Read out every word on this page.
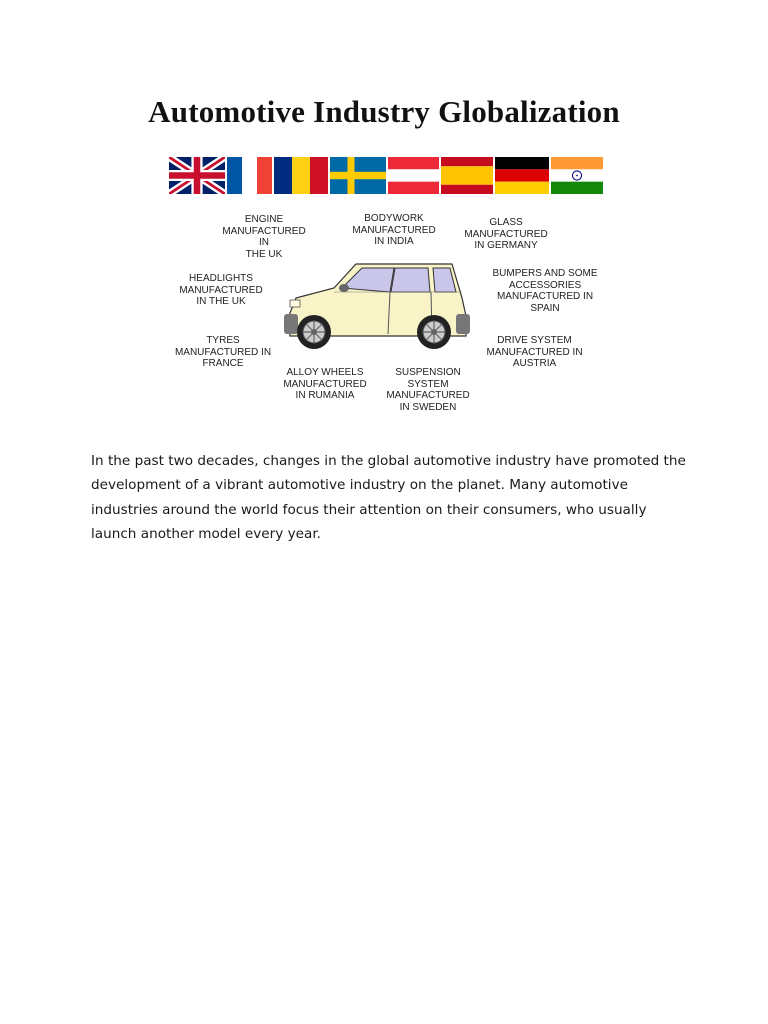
Automotive Industry Globalization
ENGINE
MANUFACTURED
IN
THE UK
BODYWORK
MANUFACTURED
IN INDIA
GLASS
MANUFACTURED
IN GERMANY
HEADLIGHTS
MANUFACTURED
IN THE UK
BUMPERS AND SOME
ACCESSORIES
MANUFACTURED IN
SPAIN
TYRES
MANUFACTURED IN
FRANCE
DRIVE SYSTEM
MANUFACTURED IN
AUSTRIA
ALLOY WHEELS
MANUFACTURED
IN RUMANIA
SUSPENSION
SYSTEM
MANUFACTURED
IN SWEDEN
In the past two decades, changes in the global automotive industry have promoted the development of a vibrant automotive industry on the planet. Many automotive industries around the world focus their attention on their consumers, who usually launch another model every year.
